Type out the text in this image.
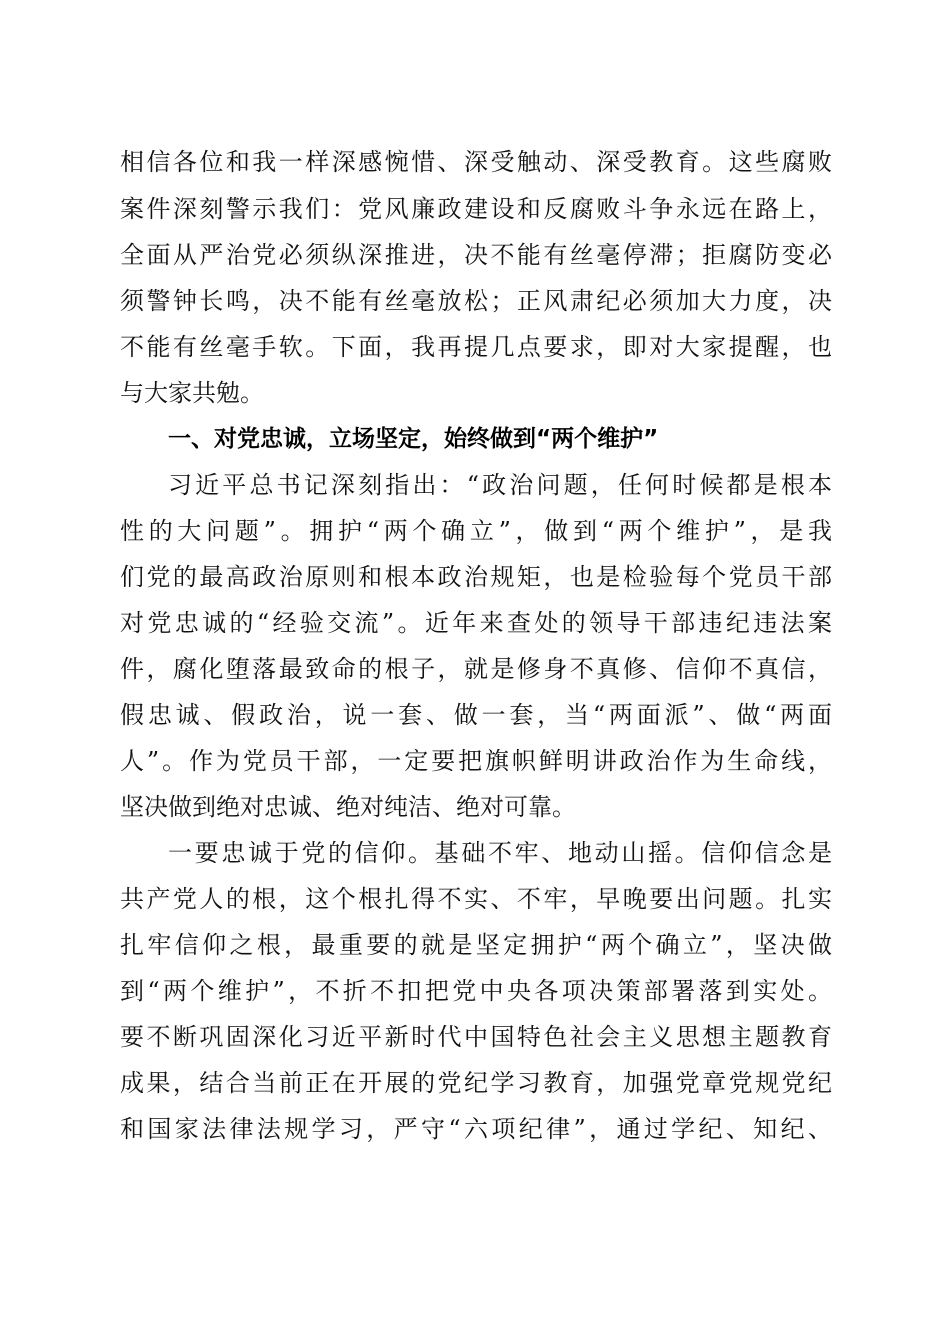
相信各位和我一样深感惋惜、深受触动、深受教育。这些腐败
案件深刻警示我们：党风廉政建设和反腐败斗争永远在路上，
全面从严治党必须纵深推进，决不能有丝毫停滞；拒腐防变必
须警钟长鸣，决不能有丝毫放松；正风肃纪必须加大力度，决
不能有丝毫手软。下面，我再提几点要求，即对大家提醒，也
与大家共勉。
一、对党忠诚，立场坚定，始终做到“两个维护”
习近平总书记深刻指出：“政治问题，任何时候都是根本
性的大问题”。拥护“两个确立”，做到“两个维护”，是我
们党的最高政治原则和根本政治规矩，也是检验每个党员干部
对党忠诚的“经验交流”。近年来查处的领导干部违纪违法案
件，腐化堕落最致命的根子，就是修身不真修、信仰不真信，
假忠诚、假政治，说一套、做一套，当“两面派”、做“两面
人”。作为党员干部，一定要把旗帜鲜明讲政治作为生命线，
坚决做到绝对忠诚、绝对纯洁、绝对可靠。
一要忠诚于党的信仰。基础不牢、地动山摇。信仰信念是
共产党人的根，这个根扎得不实、不牢，早晚要出问题。扎实
扎牢信仰之根，最重要的就是坚定拥护“两个确立”，坚决做
到“两个维护”，不折不扣把党中央各项决策部署落到实处。
要不断巩固深化习近平新时代中国特色社会主义思想主题教育
成果，结合当前正在开展的党纪学习教育，加强党章党规党纪
和国家法律法规学习，严守“六项纪律”，通过学纪、知纪、
